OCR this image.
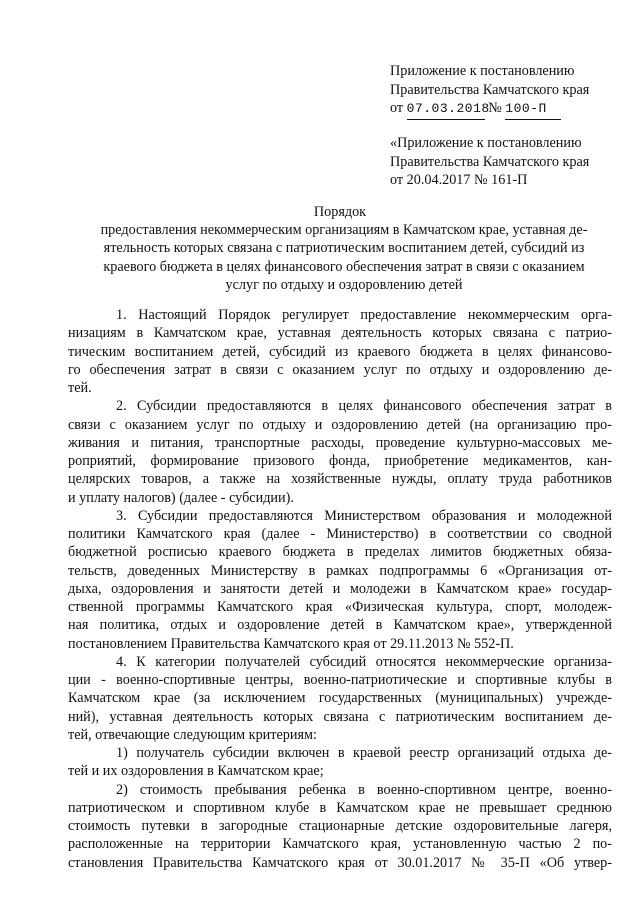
Приложение к постановлению
Правительства Камчатского края
от 07.03.2018 № 100-П
«Приложение к постановлению
Правительства Камчатского края
от 20.04.2017 № 161-П
Порядок
предоставления некоммерческим организациям в Камчатском крае, уставная де-
ятельность которых связана с патриотическим воспитанием детей, субсидий из
краевого бюджета в целях финансового обеспечения затрат в связи с оказанием
услуг по отдыху и оздоровлению детей
1. Настоящий Порядок регулирует предоставление некоммерческим орга-
низациям в Камчатском крае, уставная деятельность которых связана с патрио-
тическим воспитанием детей, субсидий из краевого бюджета в целях финансово-
го обеспечения затрат в связи с оказанием услуг по отдыху и оздоровлению де-
тей.
2. Субсидии предоставляются в целях финансового обеспечения затрат в
связи с оказанием услуг по отдыху и оздоровлению детей (на организацию про-
живания и питания, транспортные расходы, проведение культурно-массовых ме-
роприятий, формирование призового фонда, приобретение медикаментов, кан-
целярских товаров, а также на хозяйственные нужды, оплату труда работников
и уплату налогов) (далее - субсидии).
3. Субсидии предоставляются Министерством образования и молодежной
политики Камчатского края (далее - Министерство) в соответствии со сводной
бюджетной росписью краевого бюджета в пределах лимитов бюджетных обяза-
тельств, доведенных Министерству в рамках подпрограммы 6 «Организация от-
дыха, оздоровления и занятости детей и молодежи в Камчатском крае» государ-
ственной программы Камчатского края «Физическая культура, спорт, молодеж-
ная политика, отдых и оздоровление детей в Камчатском крае», утвержденной
постановлением Правительства Камчатского края от 29.11.2013 № 552-П.
4. К категории получателей субсидий относятся некоммерческие организа-
ции - военно-спортивные центры, военно-патриотические и спортивные клубы в
Камчатском крае (за исключением государственных (муниципальных) учрежде-
ний), уставная деятельность которых связана с патриотическим воспитанием де-
тей, отвечающие следующим критериям:
1) получатель субсидии включен в краевой реестр организаций отдыха де-
тей и их оздоровления в Камчатском крае;
2) стоимость пребывания ребенка в военно-спортивном центре, военно-
патриотическом и спортивном клубе в Камчатском крае не превышает среднюю
стоимость путевки в загородные стационарные детские оздоровительные лагеря,
расположенные на территории Камчатского края, установленную частью 2 по-
становления Правительства Камчатского края от 30.01.2017 № 35-П «Об утвер-
